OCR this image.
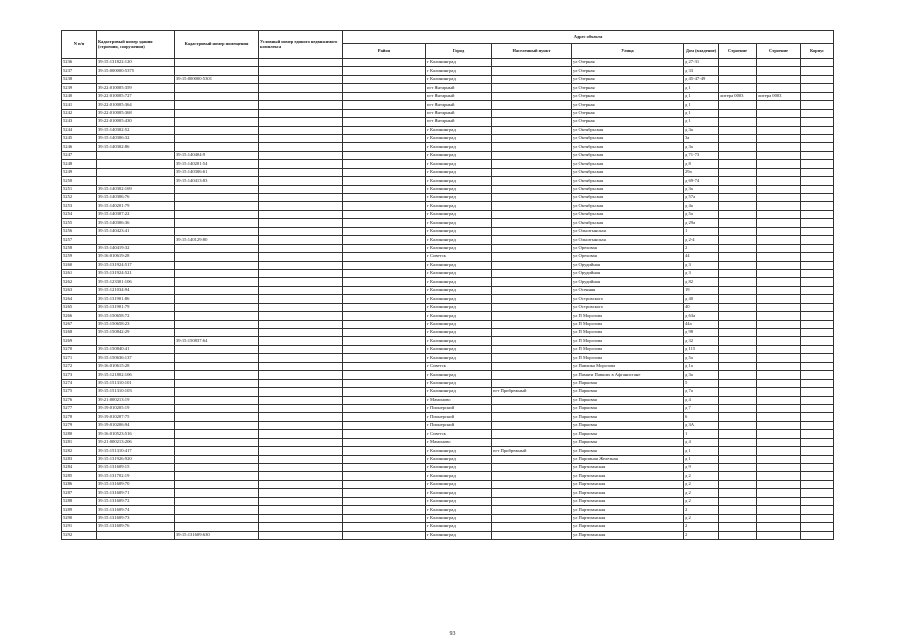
N п/п	Кадастровый номер здания (строения, сооружения)	Кадастровый номер помещения	Условный номер единого недвижимого комплекса	Адрес объекта							
				Район	Город	Населенный пункт	Улица	Дом (владение)	Строение	Строение	Корпус
5236	39:15:131822:120				г Калининград		ул Озерная	д 27-31			
5237	39:15:000000:5375				г Калининград		ул Озерная	д 33			
5238		39:15:000000:5301			г Калининград		ул Озерная	д 45-47-49			
5239	39:22:010005:359				пгт Янтарный		ул Озерная	д 1			
5240	39:22:010005:727				пгт Янтарный		ул Озерная	д 1	литера 0003	литера 0003	
5241	39:22:010005:364				пгт Янтарный		ул Озерная	д 1			
5242	39:22:010005:368				пгт Янтарный		ул Озерная	д 1			
5243	39:22:010005:430				пгт Янтарный		ул Озерная	д 1			
5244	39:15:140302:52				г Калининград		ул Октябрьская	д 3а			
5245	39:15:140306:32				г Калининград		ул Октябрьская	3а			
5246	39:15:140302:86				г Калининград		ул Октябрьская	д 3а			
5247		39:15:140404:9			г Калининград		ул Октябрьская	д 71-73			
5248		39:15:140201:54			г Калининград		ул Октябрьская	д 8			
5249		39:15:140306:61			г Калининград		ул Октябрьская	29а			
5250		39:15:140413:83			г Калининград		ул Октябрьская	д 69-74			
5251	39:15:140302:169				г Калининград		ул Октябрьская	д 3а			
5252	39:15:140306:76				г Калининград		ул Октябрьская	д 57а			
5253	39:15:140201:79				г Калининград		ул Октябрьская	д 4а			
5254	39:15:140307:22				г Калининград		ул Октябрьская	д 5а			
5255	39:15:140306:36				г Калининград		ул Октябрьская	д 29а			
5256	39:15:140423:41				г Калининград		ул Ольштынская	1			
5257		39:15:140129:80			г Калининград		ул Ольштынская	д 2-4			
5258	39:15:140419:32				г Калининград		ул Ореховая	2			
5259	39:16:010619:28				г Советск		ул Ореховая	44			
5260	39:15:131924:517				г Калининград		ул Орудийная	д 3			
5261	39:15:131924:521				г Калининград		ул Орудийная	д 3			
5262	39:15:123301:106				г Калининград		ул Орудийная	д 82			
5263	39:15:121034:94				г Калининград		ул Осенняя	19			
5264	39:15:131901:86				г Калининград		ул Островского	д 40			
5265	39:15:131901:79				г Калининград		ул Островского	40			
5266	39:15:150658:72				г Калининград		ул П Морозова	д 63а			
5267	39:15:150658:23				г Калининград		ул П Морозова	44а			
5268	39:15:150842:29				г Калининград		ул П Морозова	д 98			
5269		39:15:150837:64			г Калининград		ул П Морозова	д 32			
5270	39:15:150840:41				г Калининград		ул П Морозова	д 115			
5271	39:15:150636:137				г Калининград		ул П Морозова	д 5а			
5272	39:16:010615:28				г Советск		ул Павлика Морозова	д 1а			
5273	39:15:121802:106				г Калининград		ул Памяти Павших в Афганистане	д 3а			
5274	39:15:151310:101				г Калининград		ул Парковая	5			
5275	39:15:151310:103				г Калининград	пгт Прибрежный	ул Парковая	д 7а			
5276	39:21:000213:19				г Мамоново		ул Парковая	д 4			
5277	39:19:010205:19				г Пионерский		ул Парковая	д 7			
5278	39:19:010207:75				г Пионерский		ул Парковая	6			
5279	39:19:010206:94				г Пионерский		ул Парковая	д 3А			
5280	39:16:010523:516				г Советск		ул Парковая	1			
5281	39:21:000213:206				г Мамоново		ул Парковая	д 4			
5282	39:15:151310:417				г Калининград	пгт Прибрежный	ул Парковая	д 1			
5283	39:15:131926:920				г Калининград		ул Паромная Железная	д 1			
5284	39:15:131609:15				г Калининград		ул Партизанская	д 9			
5285	39:15:131702:19				г Калининград		ул Партизанская	д 2			
5286	39:15:131609:70				г Калининград		ул Партизанская	д 2			
5287	39:15:131609:71				г Калининград		ул Партизанская	д 2			
5288	39:15:131609:72				г Калининград		ул Партизанская	д 2			
5289	39:15:131609:74				г Калининград		ул Партизанская	2			
5290	39:15:131609:73				г Калининград		ул Партизанская	д 2			
5291	39:15:131609:76				г Калининград		ул Партизанская	2			
5292		39:15:131609:630			г Калининград		ул Партизанская	2			
93
